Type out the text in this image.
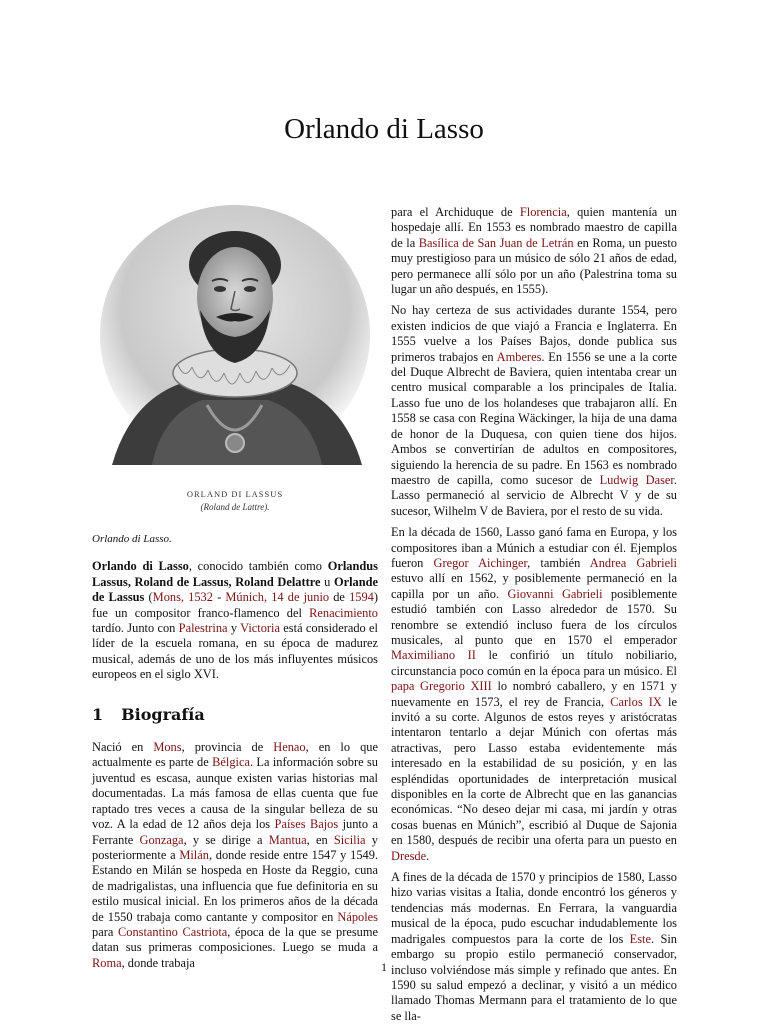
Orlando di Lasso
ORLAND DI LASSUS
(Roland de Lattre).
Orlando di Lasso.

Orlando di Lasso, conocido también como Orlandus Lassus, Roland de Lassus, Roland Delattre u Orlande de Lassus (Mons, 1532 - Múnich, 14 de junio de 1594) fue un compositor franco-flamenco del Renacimiento tardío. Junto con Palestrina y Victoria está considerado el líder de la escuela romana, en su época de madurez musical, además de uno de los más influyentes músicos europeos en el siglo XVI.

1 Biografía

Nació en Mons, provincia de Henao, en lo que actualmente es parte de Bélgica. La información sobre su juventud es escasa, aunque existen varias historias mal documentadas. La más famosa de ellas cuenta que fue raptado tres veces a causa de la singular belleza de su voz. A la edad de 12 años deja los Países Bajos junto a Ferrante Gonzaga, y se dirige a Mantua, en Sicilia y posteriormente a Milán, donde reside entre 1547 y 1549. Estando en Milán se hospeda en Hoste da Reggio, cuna de madrigalistas, una influencia que fue definitoria en su estilo musical inicial. En los primeros años de la década de 1550 trabaja como cantante y compositor en Nápoles para Constantino Castriota, época de la que se presume datan sus primeras composiciones. Luego se muda a Roma, donde trabaja

para el Archiduque de Florencia, quien mantenía un hospedaje allí. En 1553 es nombrado maestro de capilla de la Basílica de San Juan de Letrán en Roma, un puesto muy prestigioso para un músico de sólo 21 años de edad, pero permanece allí sólo por un año (Palestrina toma su lugar un año después, en 1555).

No hay certeza de sus actividades durante 1554, pero existen indicios de que viajó a Francia e Inglaterra. En 1555 vuelve a los Países Bajos, donde publica sus primeros trabajos en Amberes. En 1556 se une a la corte del Duque Albrecht de Baviera, quien intentaba crear un centro musical comparable a los principales de Italia. Lasso fue uno de los holandeses que trabajaron allí. En 1558 se casa con Regina Wäckinger, la hija de una dama de honor de la Duquesa, con quien tiene dos hijos. Ambos se convertirían de adultos en compositores, siguiendo la herencia de su padre. En 1563 es nombrado maestro de capilla, como sucesor de Ludwig Daser. Lasso permaneció al servicio de Albrecht V y de su sucesor, Wilhelm V de Baviera, por el resto de su vida.

En la década de 1560, Lasso ganó fama en Europa, y los compositores iban a Múnich a estudiar con él. Ejemplos fueron Gregor Aichinger, también Andrea Gabrieli estuvo allí en 1562, y posiblemente permaneció en la capilla por un año. Giovanni Gabrieli posiblemente estudió también con Lasso alrededor de 1570. Su renombre se extendió incluso fuera de los círculos musicales, al punto que en 1570 el emperador Maximiliano II le confirió un título nobiliario, circunstancia poco común en la época para un músico. El papa Gregorio XIII lo nombró caballero, y en 1571 y nuevamente en 1573, el rey de Francia, Carlos IX le invitó a su corte. Algunos de estos reyes y aristócratas intentaron tentarlo a dejar Múnich con ofertas más atractivas, pero Lasso estaba evidentemente más interesado en la estabilidad de su posición, y en las espléndidas oportunidades de interpretación musical disponibles en la corte de Albrecht que en las ganancias económicas. “No deseo dejar mi casa, mi jardín y otras cosas buenas en Múnich”, escribió al Duque de Sajonia en 1580, después de recibir una oferta para un puesto en Dresde.

A fines de la década de 1570 y principios de 1580, Lasso hizo varias visitas a Italia, donde encontró los géneros y tendencias más modernas. En Ferrara, la vanguardia musical de la época, pudo escuchar indudablemente los madrigales compuestos para la corte de los Este. Sin embargo su propio estilo permaneció conservador, incluso volviéndose más simple y refinado que antes. En 1590 su salud empezó a declinar, y visitó a un médico llamado Thomas Mermann para el tratamiento de lo que se lla-

1
